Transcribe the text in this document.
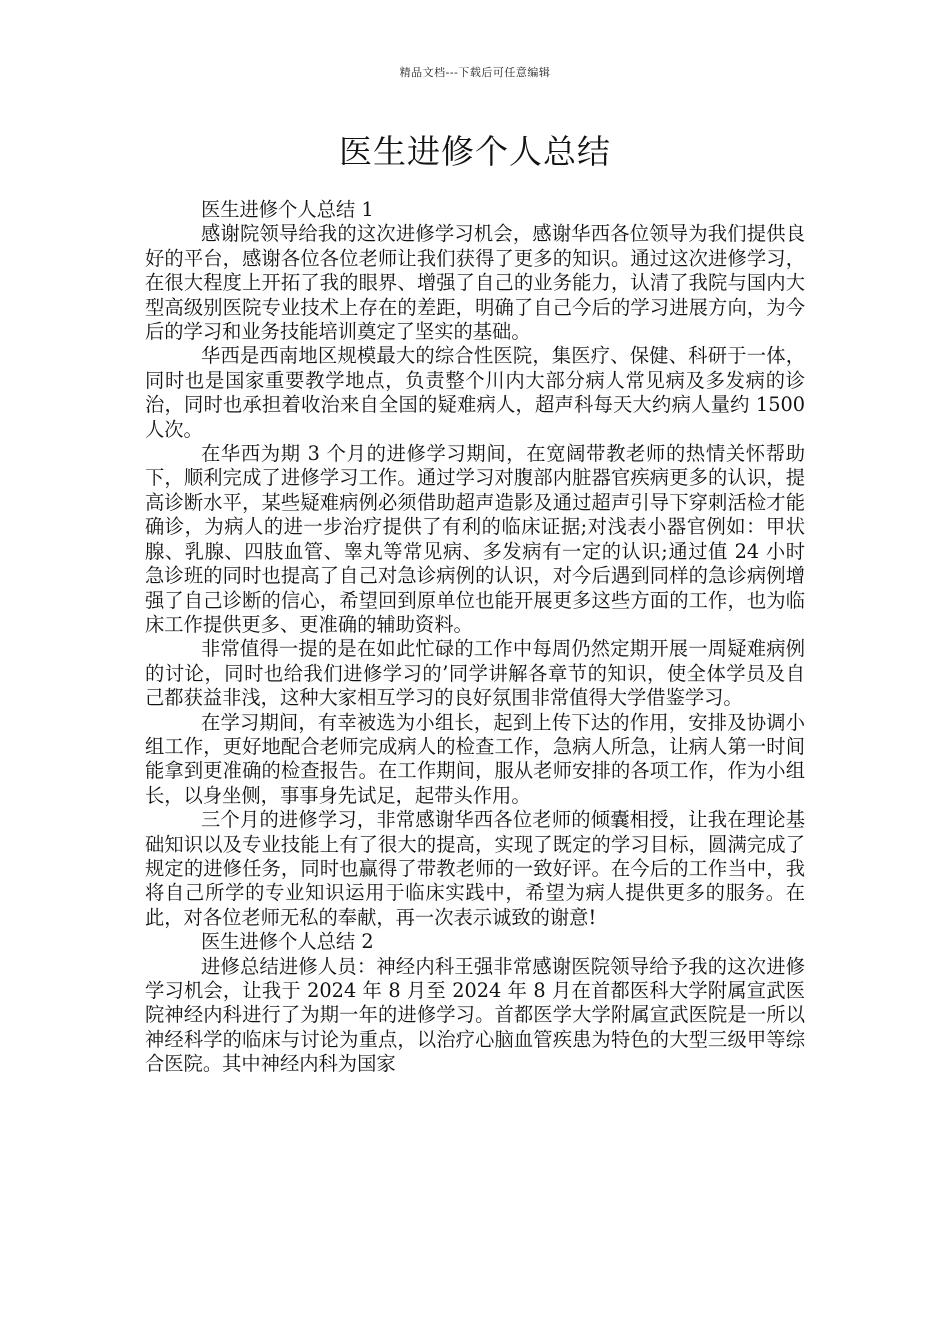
精品文档---下载后可任意编辑
医生进修个人总结

医生进修个人总结 1

感谢院领导给我的这次进修学习机会，感谢华西各位领导为我们提供良好的平台，感谢各位各位老师让我们获得了更多的知识。通过这次进修学习，在很大程度上开拓了我的眼界、增强了自己的业务能力，认清了我院与国内大型高级别医院专业技术上存在的差距，明确了自己今后的学习进展方向，为今后的学习和业务技能培训奠定了坚实的基础。

华西是西南地区规模最大的综合性医院，集医疗、保健、科研于一体，同时也是国家重要教学地点，负责整个川内大部分病人常见病及多发病的诊治，同时也承担着收治来自全国的疑难病人，超声科每天大约病人量约 1500 人次。

在华西为期 3 个月的进修学习期间，在宽阔带教老师的热情关怀帮助下，顺利完成了进修学习工作。通过学习对腹部内脏器官疾病更多的认识，提高诊断水平，某些疑难病例必须借助超声造影及通过超声引导下穿刺活检才能确诊，为病人的进一步治疗提供了有利的临床证据;对浅表小器官例如：甲状腺、乳腺、四肢血管、睾丸等常见病、多发病有一定的认识;通过值 24 小时急诊班的同时也提高了自己对急诊病例的认识，对今后遇到同样的急诊病例增强了自己诊断的信心，希望回到原单位也能开展更多这些方面的工作，也为临床工作提供更多、更准确的辅助资料。

非常值得一提的是在如此忙碌的工作中每周仍然定期开展一周疑难病例的讨论，同时也给我们进修学习的’同学讲解各章节的知识，使全体学员及自己都获益非浅，这种大家相互学习的良好氛围非常值得大学借鉴学习。

在学习期间，有幸被选为小组长，起到上传下达的作用，安排及协调小组工作，更好地配合老师完成病人的检查工作，急病人所急，让病人第一时间能拿到更准确的检查报告。在工作期间，服从老师安排的各项工作，作为小组长，以身坐侧，事事身先试足，起带头作用。

三个月的进修学习，非常感谢华西各位老师的倾囊相授，让我在理论基础知识以及专业技能上有了很大的提高，实现了既定的学习目标，圆满完成了规定的进修任务，同时也赢得了带教老师的一致好评。在今后的工作当中，我将自己所学的专业知识运用于临床实践中，希望为病人提供更多的服务。在此，对各位老师无私的奉献，再一次表示诚致的谢意!

医生进修个人总结 2

进修总结进修人员：神经内科王强非常感谢医院领导给予我的这次进修学习机会，让我于 2024 年 8 月至 2024 年 8 月在首都医科大学附属宣武医院神经内科进行了为期一年的进修学习。首都医学大学附属宣武医院是一所以神经科学的临床与讨论为重点，以治疗心脑血管疾患为特色的大型三级甲等综合医院。其中神经内科为国家
